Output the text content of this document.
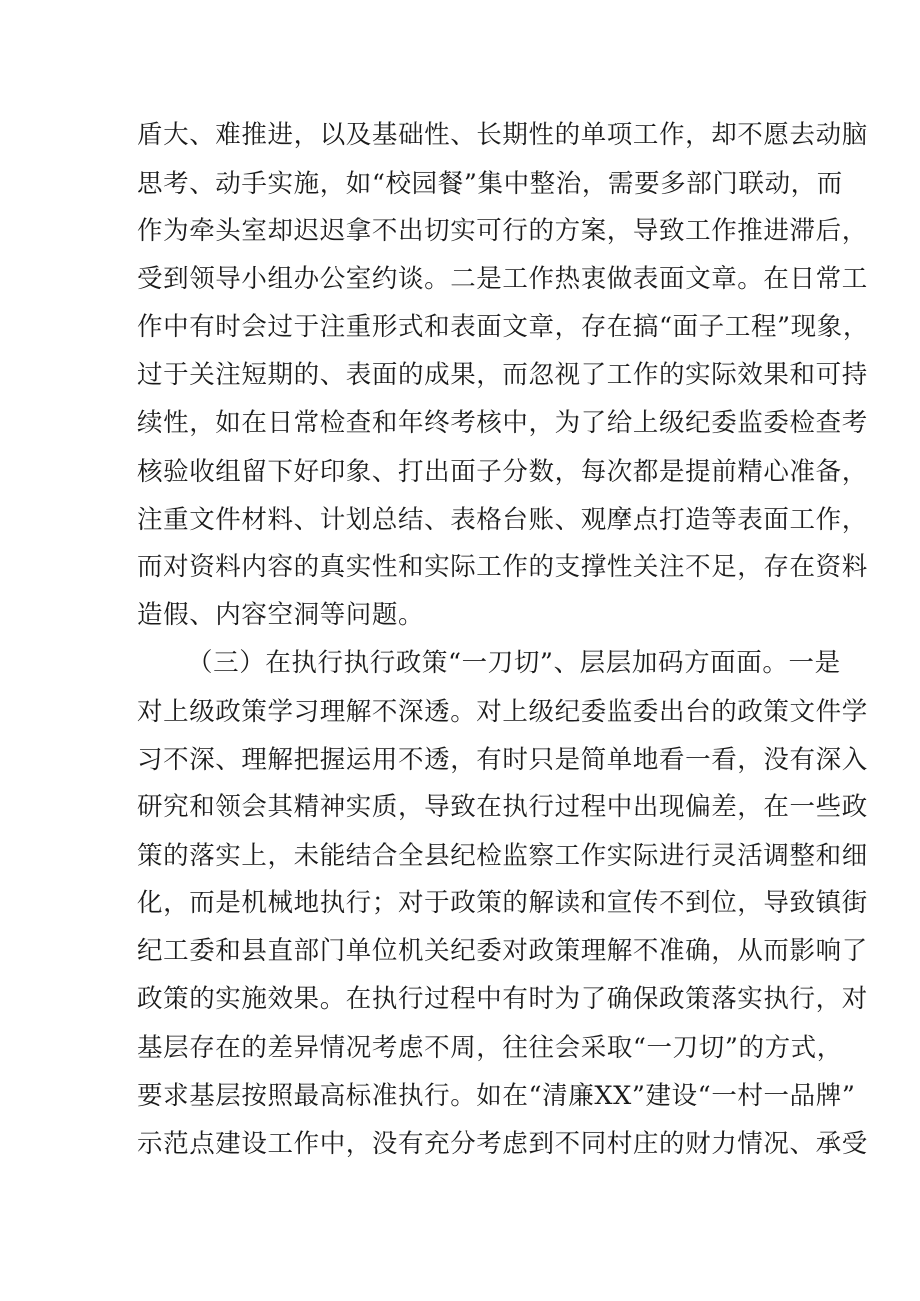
盾大、难推进，以及基础性、长期性的单项工作，却不愿去动脑
思考、动手实施，如“校园餐”集中整治，需要多部门联动，而
作为牵头室却迟迟拿不出切实可行的方案，导致工作推进滞后，
受到领导小组办公室约谈。二是工作热衷做表面文章。在日常工
作中有时会过于注重形式和表面文章，存在搞“面子工程”现象，
过于关注短期的、表面的成果，而忽视了工作的实际效果和可持
续性，如在日常检查和年终考核中，为了给上级纪委监委检查考
核验收组留下好印象、打出面子分数，每次都是提前精心准备，
注重文件材料、计划总结、表格台账、观摩点打造等表面工作，
而对资料内容的真实性和实际工作的支撑性关注不足，存在资料
造假、内容空洞等问题。
（三）在执行执行政策“一刀切”、层层加码方面面。一是
对上级政策学习理解不深透。对上级纪委监委出台的政策文件学
习不深、理解把握运用不透，有时只是简单地看一看，没有深入
研究和领会其精神实质，导致在执行过程中出现偏差，在一些政
策的落实上，未能结合全县纪检监察工作实际进行灵活调整和细
化，而是机械地执行；对于政策的解读和宣传不到位，导致镇街
纪工委和县直部门单位机关纪委对政策理解不准确，从而影响了
政策的实施效果。在执行过程中有时为了确保政策落实执行，对
基层存在的差异情况考虑不周，往往会采取“一刀切”的方式，
要求基层按照最高标准执行。如在“清廉XX”建设“一村一品牌”
示范点建设工作中，没有充分考虑到不同村庄的财力情况、承受
